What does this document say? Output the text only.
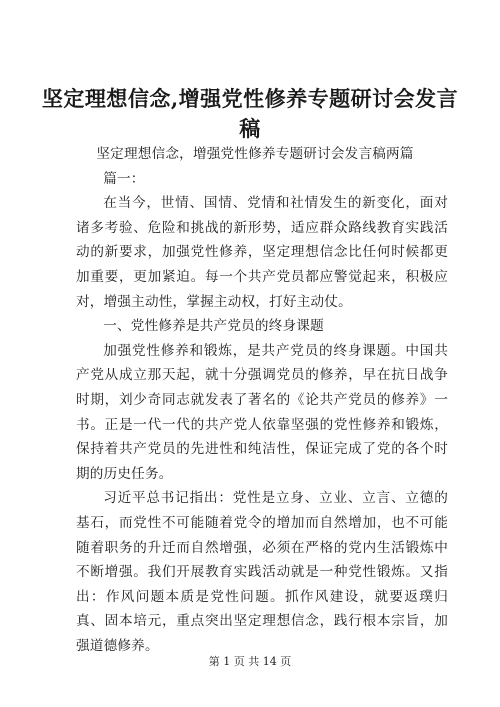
坚定理想信念,增强党性修养专题研讨会发言稿

坚定理想信念，增强党性修养专题研讨会发言稿两篇

篇一：

在当今，世情、国情、党情和社情发生的新变化，面对诸多考验、危险和挑战的新形势，适应群众路线教育实践活动的新要求，加强党性修养，坚定理想信念比任何时候都更加重要，更加紧迫。每一个共产党员都应警觉起来，积极应对，增强主动性，掌握主动权，打好主动仗。

一、党性修养是共产党员的终身课题

加强党性修养和锻炼，是共产党员的终身课题。中国共产党从成立那天起，就十分强调党员的修养，早在抗日战争时期，刘少奇同志就发表了著名的《论共产党员的修养》一书。正是一代一代的共产党人依靠坚强的党性修养和锻炼，保持着共产党员的先进性和纯洁性，保证完成了党的各个时期的历史任务。

习近平总书记指出：党性是立身、立业、立言、立德的基石，而党性不可能随着党令的增加而自然增加，也不可能随着职务的升迁而自然增强，必须在严格的党内生活锻炼中不断增强。我们开展教育实践活动就是一种党性锻炼。又指出：作风问题本质是党性问题。抓作风建设，就要返璞归真、固本培元，重点突出坚定理想信念，践行根本宗旨，加强道德修养。

第 1 页 共 14 页
